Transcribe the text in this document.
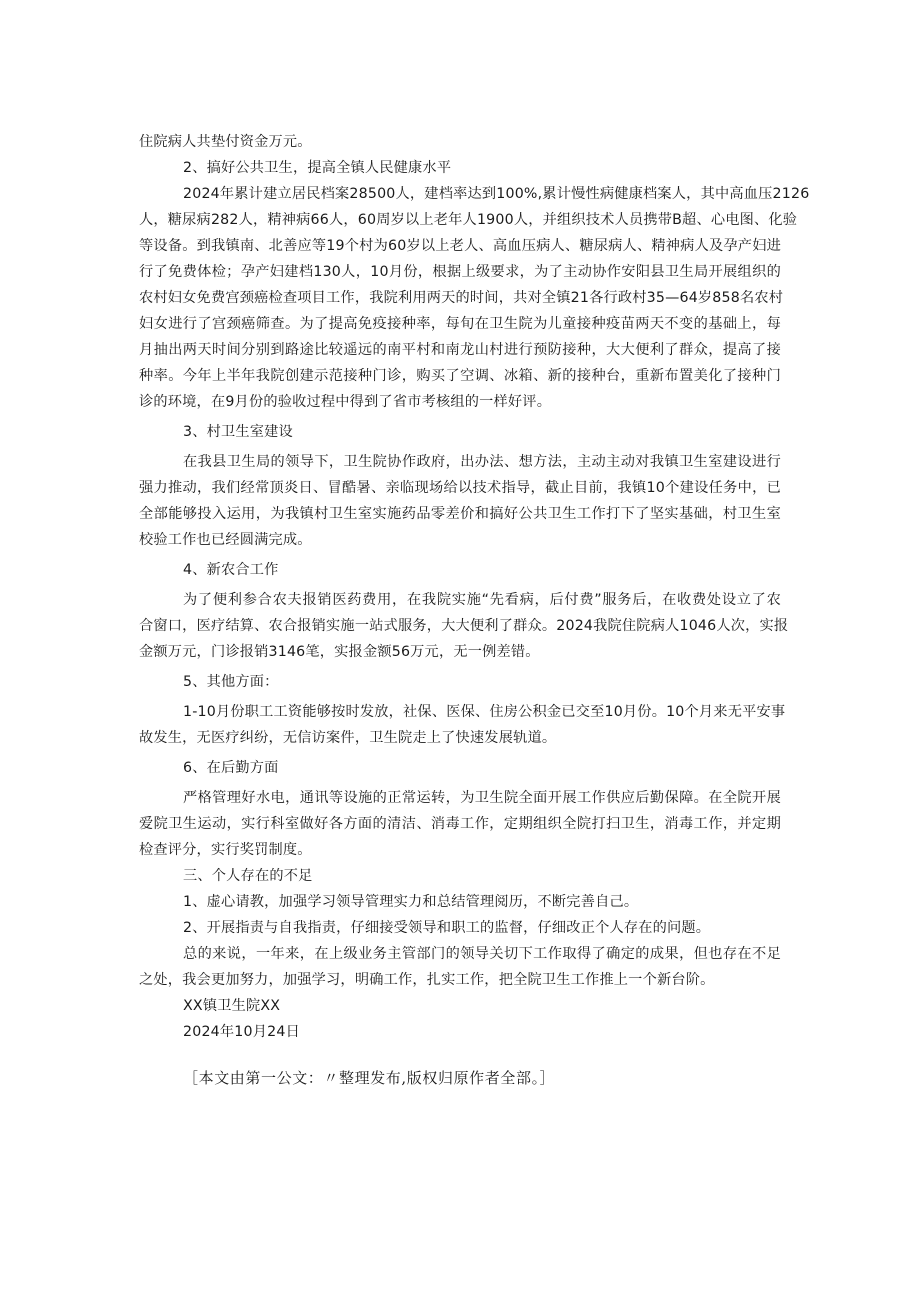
住院病人共垫付资金万元。
2、搞好公共卫生，提高全镇人民健康水平
2024年累计建立居民档案28500人，建档率达到100%,累计慢性病健康档案人，其中高血压2126
人，糖尿病282人，精神病66人，60周岁以上老年人1900人，并组织技术人员携带B超、心电图、化验
等设备。到我镇南、北善应等19个村为60岁以上老人、高血压病人、糖尿病人、精神病人及孕产妇进
行了免费体检；孕产妇建档130人，10月份，根据上级要求，为了主动协作安阳县卫生局开展组织的
农村妇女免费宫颈癌检查项目工作，我院利用两天的时间，共对全镇21各行政村35—64岁858名农村
妇女进行了宫颈癌筛查。为了提高免疫接种率，每旬在卫生院为儿童接种疫苗两天不变的基础上，每
月抽出两天时间分别到路途比较遥远的南平村和南龙山村进行预防接种，大大便利了群众，提高了接
种率。今年上半年我院创建示范接种门诊，购买了空调、冰箱、新的接种台，重新布置美化了接种门
诊的环境，在9月份的验收过程中得到了省市考核组的一样好评。
3、村卫生室建设
在我县卫生局的领导下，卫生院协作政府，出办法、想方法，主动主动对我镇卫生室建设进行
强力推动，我们经常顶炎日、冒酷暑、亲临现场给以技术指导，截止目前，我镇10个建设任务中，已
全部能够投入运用，为我镇村卫生室实施药品零差价和搞好公共卫生工作打下了坚实基础，村卫生室
校验工作也已经圆满完成。
4、新农合工作
为了便利参合农夫报销医药费用，在我院实施“先看病，后付费”服务后，在收费处设立了农
合窗口，医疗结算、农合报销实施一站式服务，大大便利了群众。2024我院住院病人1046人次，实报
金额万元，门诊报销3146笔，实报金额56万元，无一例差错。
5、其他方面：
1-10月份职工工资能够按时发放，社保、医保、住房公积金已交至10月份。10个月来无平安事
故发生，无医疗纠纷，无信访案件，卫生院走上了快速发展轨道。
6、在后勤方面
严格管理好水电，通讯等设施的正常运转，为卫生院全面开展工作供应后勤保障。在全院开展
爱院卫生运动，实行科室做好各方面的清洁、消毒工作，定期组织全院打扫卫生，消毒工作，并定期
检查评分，实行奖罚制度。
三、个人存在的不足
1、虚心请教，加强学习领导管理实力和总结管理阅历，不断完善自己。
2、开展指责与自我指责，仔细接受领导和职工的监督，仔细改正个人存在的问题。
总的来说，一年来，在上级业务主管部门的领导关切下工作取得了确定的成果，但也存在不足
之处，我会更加努力，加强学习，明确工作，扎实工作，把全院卫生工作推上一个新台阶。
XX镇卫生院XX
2024年10月24日
［本文由第一公文：〃整理发布,版权归原作者全部。］
